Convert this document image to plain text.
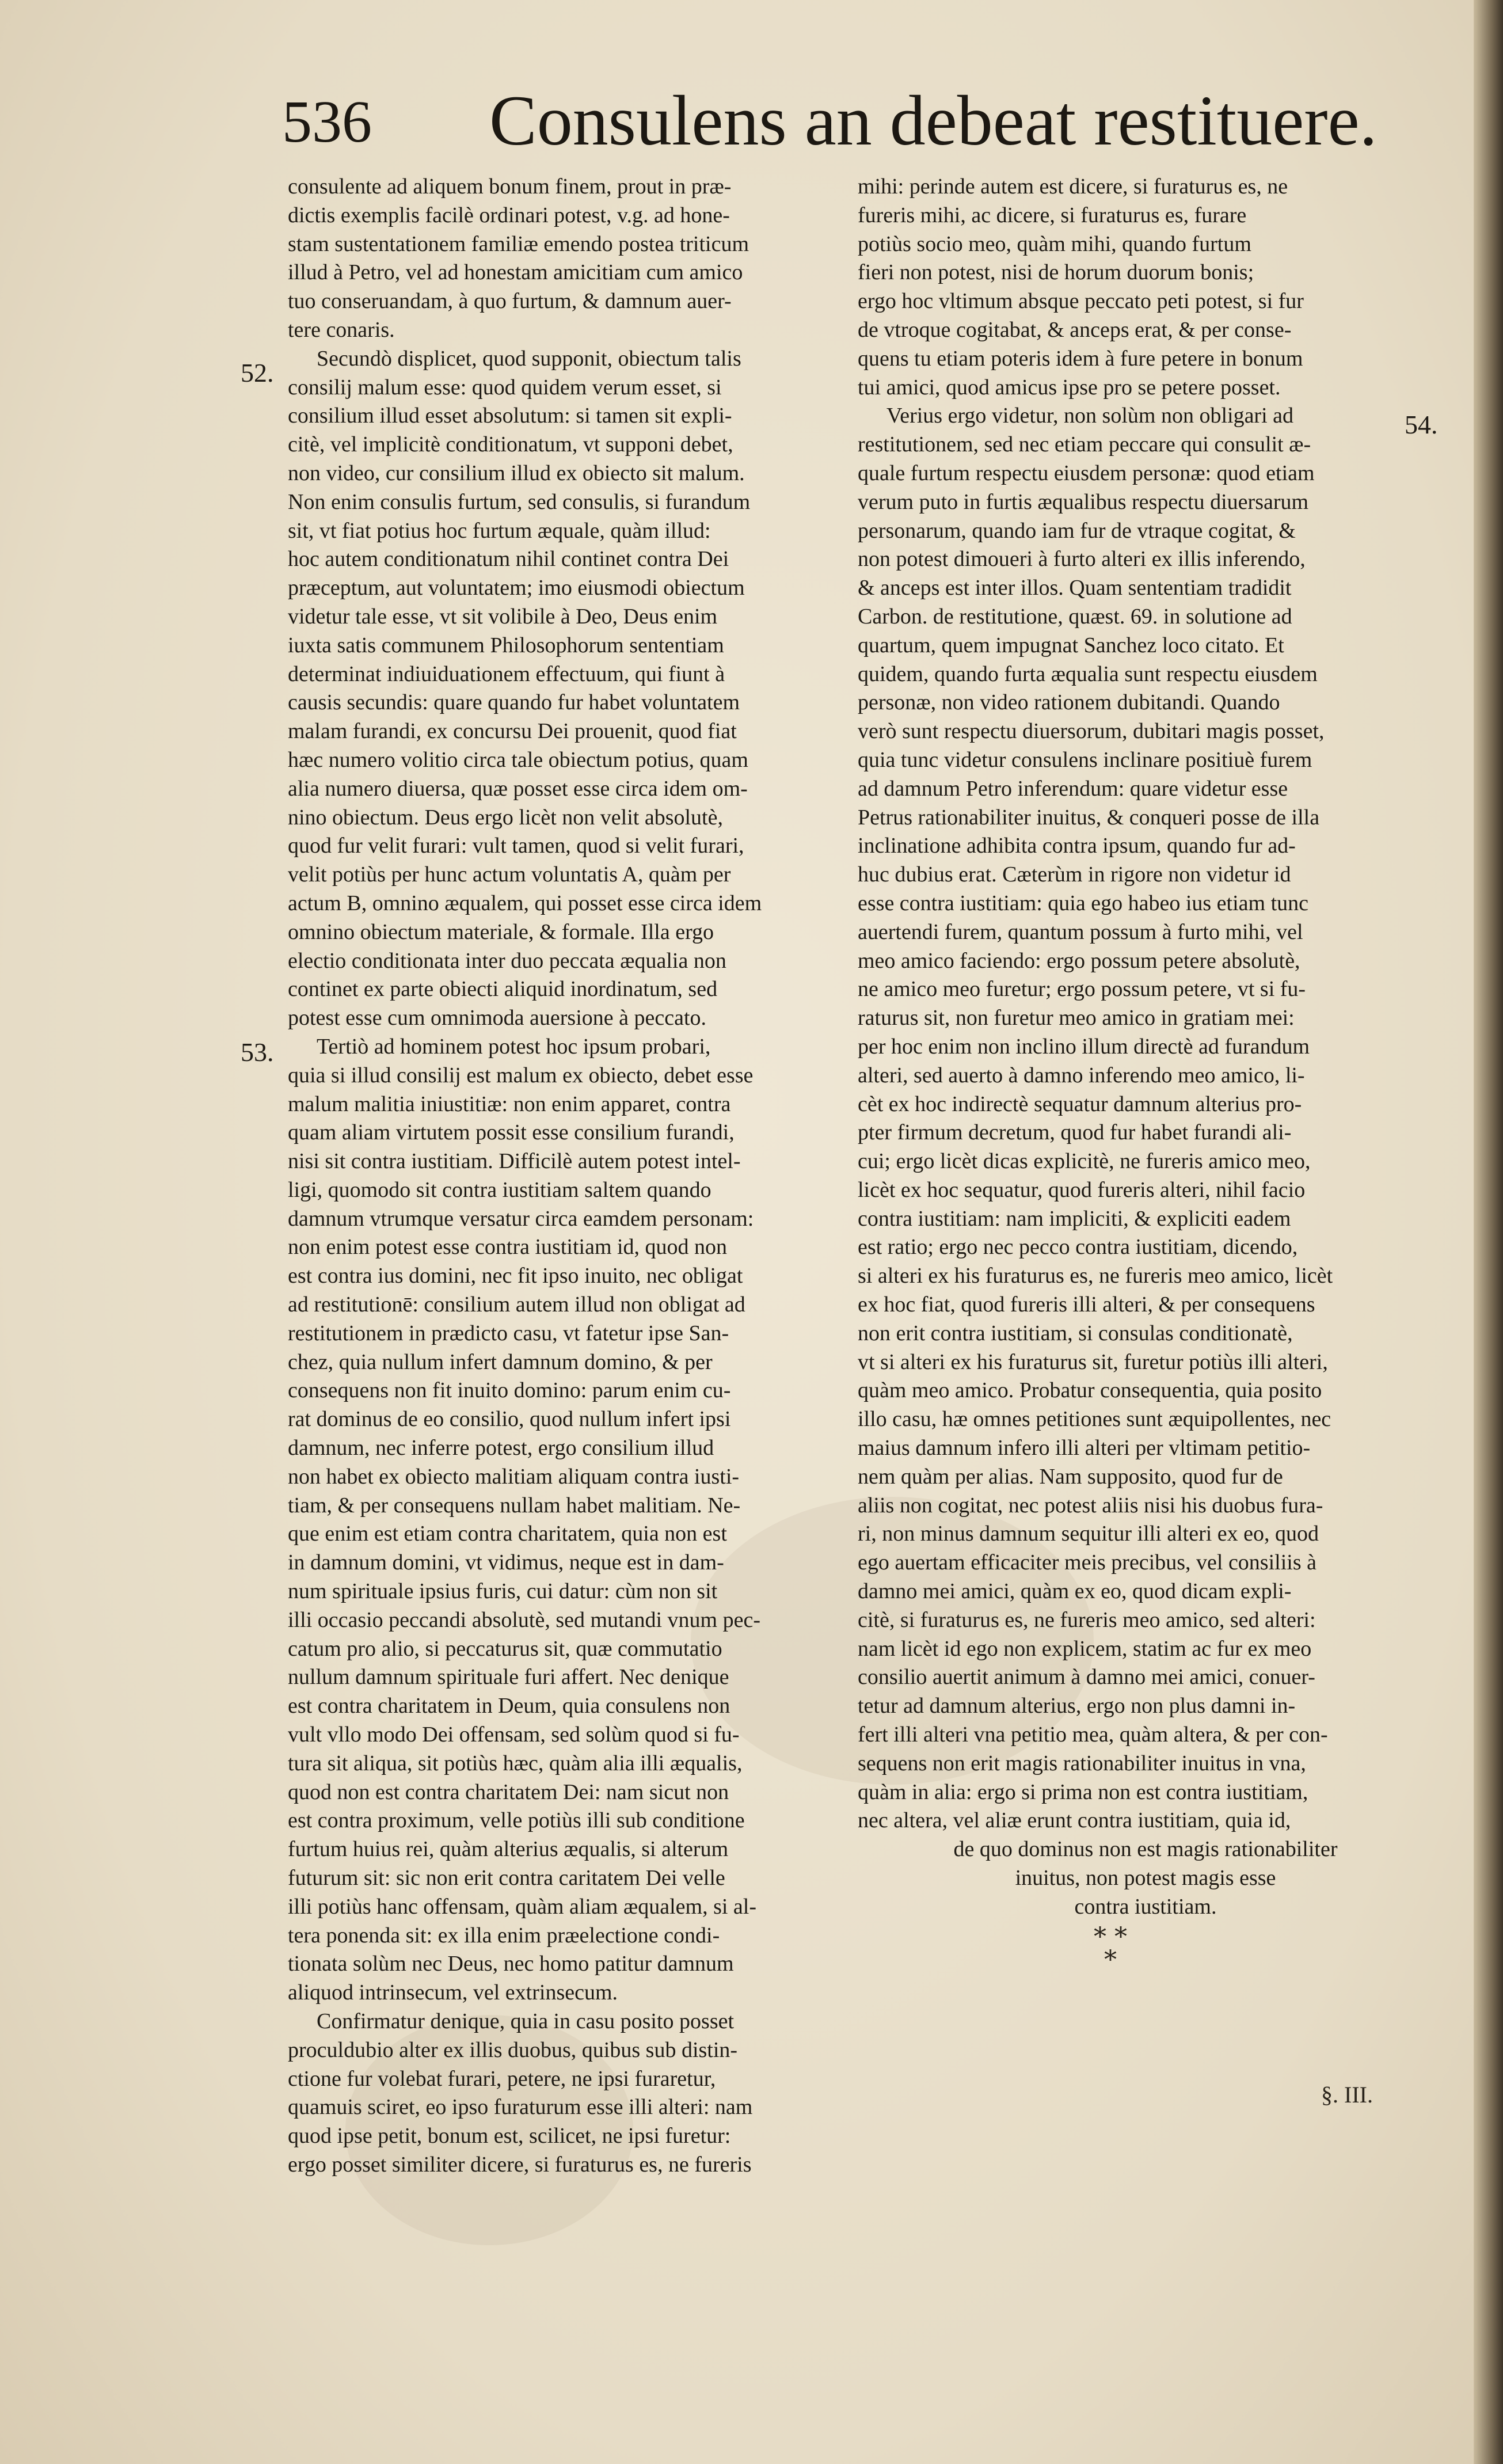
536 Consulens an debeat restituere.
52.
53.
54.
consulente ad aliquem bonum finem, prout in præ-
dictis exemplis facilè ordinari potest, v.g. ad hone-
stam sustentationem familiæ emendo postea triticum
illud à Petro, vel ad honestam amicitiam cum amico
tuo conseruandam, à quo furtum, & damnum auer-
tere conaris.
Secundò displicet, quod supponit, obiectum talis
consilij malum esse: quod quidem verum esset, si
consilium illud esset absolutum: si tamen sit expli-
citè, vel implicitè conditionatum, vt supponi debet,
non video, cur consilium illud ex obiecto sit malum.
Non enim consulis furtum, sed consulis, si furandum
sit, vt fiat potius hoc furtum æquale, quàm illud:
hoc autem conditionatum nihil continet contra Dei
præceptum, aut voluntatem; imo eiusmodi obiectum
videtur tale esse, vt sit volibile à Deo, Deus enim
iuxta satis communem Philosophorum sententiam
determinat indiuiduationem effectuum, qui fiunt à
causis secundis: quare quando fur habet voluntatem
malam furandi, ex concursu Dei prouenit, quod fiat
hæc numero volitio circa tale obiectum potius, quam
alia numero diuersa, quæ posset esse circa idem om-
nino obiectum. Deus ergo licèt non velit absolutè,
quod fur velit furari: vult tamen, quod si velit furari,
velit potiùs per hunc actum voluntatis A, quàm per
actum B, omnino æqualem, qui posset esse circa idem
omnino obiectum materiale, & formale. Illa ergo
electio conditionata inter duo peccata æqualia non
continet ex parte obiecti aliquid inordinatum, sed
potest esse cum omnimoda auersione à peccato.
Tertiò ad hominem potest hoc ipsum probari,
quia si illud consilij est malum ex obiecto, debet esse
malum malitia iniustitiæ: non enim apparet, contra
quam aliam virtutem possit esse consilium furandi,
nisi sit contra iustitiam. Difficilè autem potest intel-
ligi, quomodo sit contra iustitiam saltem quando
damnum vtrumque versatur circa eamdem personam:
non enim potest esse contra iustitiam id, quod non
est contra ius domini, nec fit ipso inuito, nec obligat
ad restitutionē: consilium autem illud non obligat ad
restitutionem in prædicto casu, vt fatetur ipse San-
chez, quia nullum infert damnum domino, & per
consequens non fit inuito domino: parum enim cu-
rat dominus de eo consilio, quod nullum infert ipsi
damnum, nec inferre potest, ergo consilium illud
non habet ex obiecto malitiam aliquam contra iusti-
tiam, & per consequens nullam habet malitiam. Ne-
que enim est etiam contra charitatem, quia non est
in damnum domini, vt vidimus, neque est in dam-
num spirituale ipsius furis, cui datur: cùm non sit
illi occasio peccandi absolutè, sed mutandi vnum pec-
catum pro alio, si peccaturus sit, quæ commutatio
nullum damnum spirituale furi affert. Nec denique
est contra charitatem in Deum, quia consulens non
vult vllo modo Dei offensam, sed solùm quod si fu-
tura sit aliqua, sit potiùs hæc, quàm alia illi æqualis,
quod non est contra charitatem Dei: nam sicut non
est contra proximum, velle potiùs illi sub conditione
furtum huius rei, quàm alterius æqualis, si alterum
futurum sit: sic non erit contra caritatem Dei velle
illi potiùs hanc offensam, quàm aliam æqualem, si al-
tera ponenda sit: ex illa enim præelectione condi-
tionata solùm nec Deus, nec homo patitur damnum
aliquod intrinsecum, vel extrinsecum.
Confirmatur denique, quia in casu posito posset
proculdubio alter ex illis duobus, quibus sub distin-
ctione fur volebat furari, petere, ne ipsi furaretur,
quamuis sciret, eo ipso furaturum esse illi alteri: nam
quod ipse petit, bonum est, scilicet, ne ipsi furetur:
ergo posset similiter dicere, si furaturus es, ne fureris
mihi: perinde autem est dicere, si furaturus es, ne
fureris mihi, ac dicere, si furaturus es, furare
potiùs socio meo, quàm mihi, quando furtum
fieri non potest, nisi de horum duorum bonis;
ergo hoc vltimum absque peccato peti potest, si fur
de vtroque cogitabat, & anceps erat, & per conse-
quens tu etiam poteris idem à fure petere in bonum
tui amici, quod amicus ipse pro se petere posset.
Verius ergo videtur, non solùm non obligari ad
restitutionem, sed nec etiam peccare qui consulit æ-
quale furtum respectu eiusdem personæ: quod etiam
verum puto in furtis æqualibus respectu diuersarum
personarum, quando iam fur de vtraque cogitat, &
non potest dimoueri à furto alteri ex illis inferendo,
& anceps est inter illos. Quam sententiam tradidit
Carbon. de restitutione, quæst. 69. in solutione ad
quartum, quem impugnat Sanchez loco citato. Et
quidem, quando furta æqualia sunt respectu eiusdem
personæ, non video rationem dubitandi. Quando
verò sunt respectu diuersorum, dubitari magis posset,
quia tunc videtur consulens inclinare positiuè furem
ad damnum Petro inferendum: quare videtur esse
Petrus rationabiliter inuitus, & conqueri posse de illa
inclinatione adhibita contra ipsum, quando fur ad-
huc dubius erat. Cæterùm in rigore non videtur id
esse contra iustitiam: quia ego habeo ius etiam tunc
auertendi furem, quantum possum à furto mihi, vel
meo amico faciendo: ergo possum petere absolutè,
ne amico meo furetur; ergo possum petere, vt si fu-
raturus sit, non furetur meo amico in gratiam mei:
per hoc enim non inclino illum directè ad furandum
alteri, sed auerto à damno inferendo meo amico, li-
cèt ex hoc indirectè sequatur damnum alterius pro-
pter firmum decretum, quod fur habet furandi ali-
cui; ergo licèt dicas explicitè, ne fureris amico meo,
licèt ex hoc sequatur, quod fureris alteri, nihil facio
contra iustitiam: nam impliciti, & expliciti eadem
est ratio; ergo nec pecco contra iustitiam, dicendo,
si alteri ex his furaturus es, ne fureris meo amico, licèt
ex hoc fiat, quod fureris illi alteri, & per consequens
non erit contra iustitiam, si consulas conditionatè,
vt si alteri ex his furaturus sit, furetur potiùs illi alteri,
quàm meo amico. Probatur consequentia, quia posito
illo casu, hæ omnes petitiones sunt æquipollentes, nec
maius damnum infero illi alteri per vltimam petitio-
nem quàm per alias. Nam supposito, quod fur de
aliis non cogitat, nec potest aliis nisi his duobus fura-
ri, non minus damnum sequitur illi alteri ex eo, quod
ego auertam efficaciter meis precibus, vel consiliis à
damno mei amici, quàm ex eo, quod dicam expli-
citè, si furaturus es, ne fureris meo amico, sed alteri:
nam licèt id ego non explicem, statim ac fur ex meo
consilio auertit animum à damno mei amici, conuer-
tetur ad damnum alterius, ergo non plus damni in-
fert illi alteri vna petitio mea, quàm altera, & per con-
sequens non erit magis rationabiliter inuitus in vna,
quàm in alia: ergo si prima non est contra iustitiam,
nec altera, vel aliæ erunt contra iustitiam, quia id,
de quo dominus non est magis rationabiliter
inuitus, non potest magis esse
contra iustitiam.
* *
*
§. III.
